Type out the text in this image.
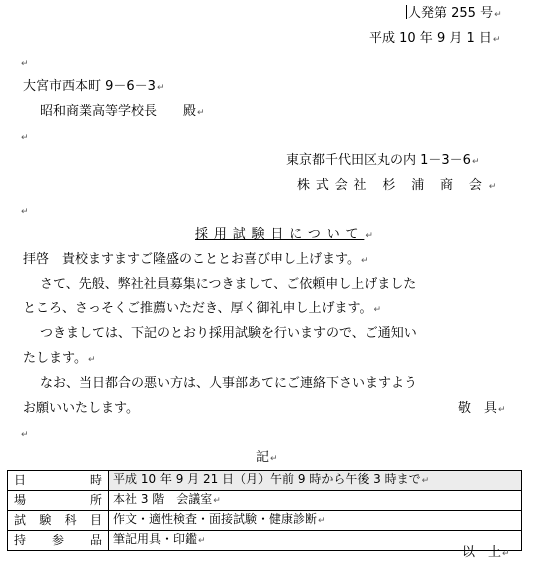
人発第 255 号↵
平成 10 年 9 月 1 日↵
↵
大宮市西本町 9－6－3↵
昭和商業高等学校長 殿↵
↵
東京都千代田区丸の内 1－3－6↵
株式会社 杉 浦 商 会↵
↵
採用試験日について↵
拝啓　貴校ますますご隆盛のこととお喜び申し上げます。↵
さて、先般、弊社社員募集につきまして、ご依頼申し上げました
ところ、さっそくご推薦いただき、厚く御礼申し上げます。↵
つきましては、下記のとおり採用試験を行いますので、ご通知い
たします。↵
なお、当日都合の悪い方は、人事部あてにご連絡下さいますよう
お願いいたします。	敬　具↵
↵
記↵
日時	平成 10 年 9 月 21 日（月）午前 9 時から午後 3 時まで↵
場所	本社 3 階　会議室↵
試験科目	作文・適性検査・面接試験・健康診断↵
持参品	筆記用具・印鑑↵
以　上↵
